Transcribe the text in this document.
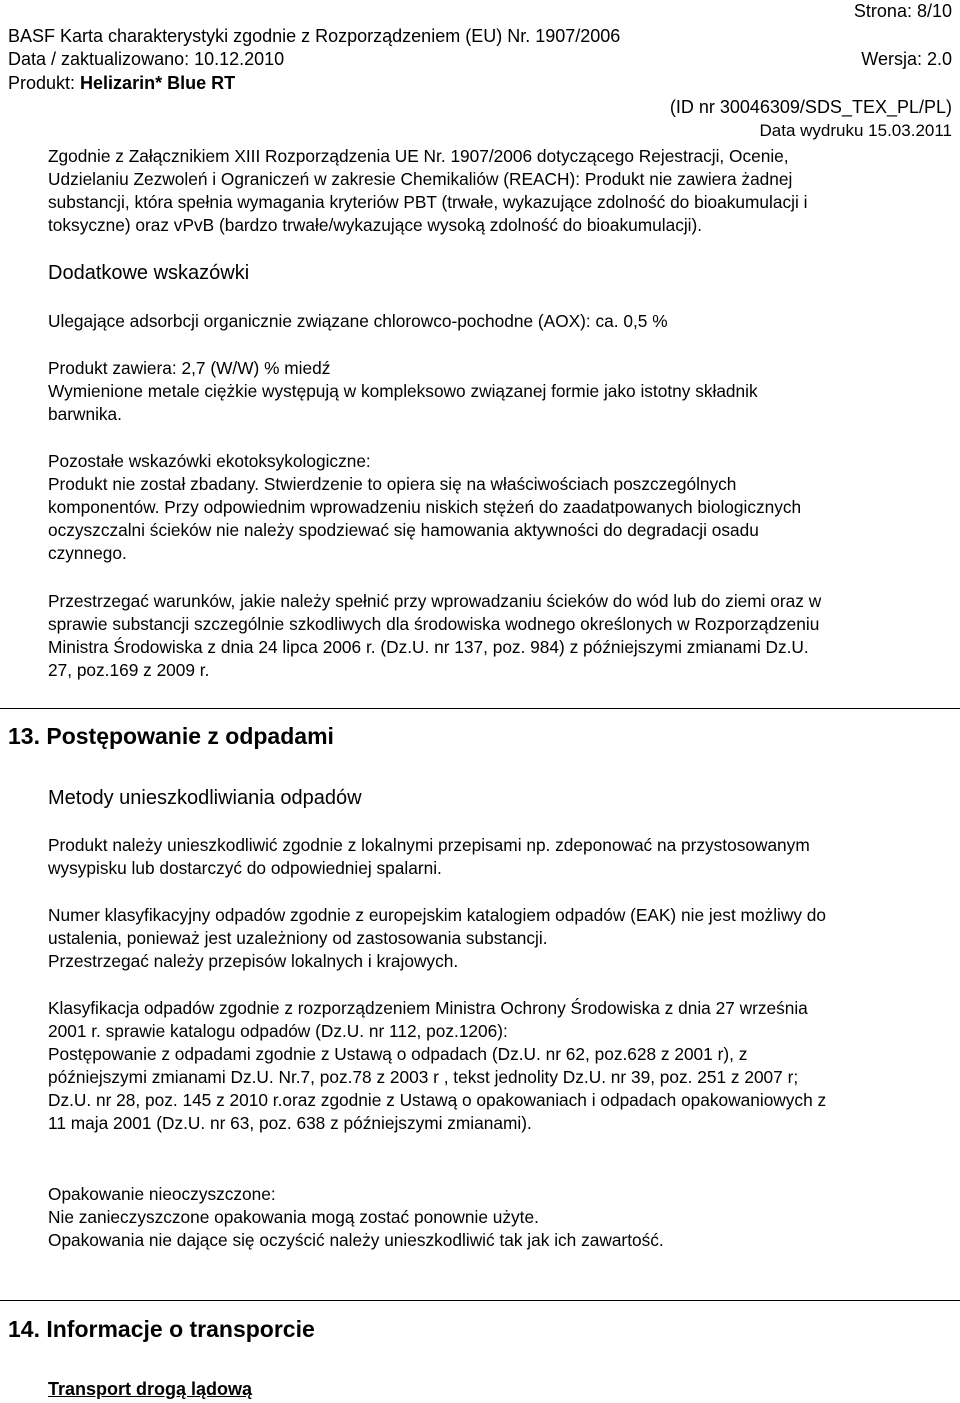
Strona: 8/10
BASF Karta charakterystyki zgodnie z Rozporządzeniem (EU) Nr. 1907/2006
Data / zaktualizowano: 10.12.2010	Wersja: 2.0
Produkt: Helizarin* Blue RT
(ID nr 30046309/SDS_TEX_PL/PL)
Data wydruku 15.03.2011

Zgodnie z Załącznikiem XIII Rozporządzenia UE Nr. 1907/2006 dotyczącego Rejestracji, Ocenie,

Udzielaniu Zezwoleń i Ograniczeń w zakresie Chemikaliów (REACH): Produkt nie zawiera żadnej

substancji, która spełnia wymagania kryteriów PBT (trwałe, wykazujące zdolność do bioakumulacji i

toksyczne) oraz vPvB (bardzo trwałe/wykazujące wysoką zdolność do bioakumulacji).

Dodatkowe wskazówki

Ulegające adsorbcji organicznie związane chlorowco-pochodne (AOX): ca. 0,5 %

Produkt zawiera: 2,7 (W/W) % miedź

Wymienione metale ciężkie występują w kompleksowo związanej formie jako istotny składnik

barwnika.

Pozostałe wskazówki ekotoksykologiczne:

Produkt nie został zbadany. Stwierdzenie to opiera się na właściwościach poszczególnych

komponentów. Przy odpowiednim wprowadzeniu niskich stężeń do zaadatpowanych biologicznych

oczyszczalni ścieków nie należy spodziewać się hamowania aktywności do degradacji osadu

czynnego.

Przestrzegać warunków, jakie należy spełnić przy wprowadzaniu ścieków do wód lub do ziemi oraz w

sprawie substancji szczególnie szkodliwych dla środowiska wodnego określonych w Rozporządzeniu

Ministra Środowiska z dnia 24 lipca 2006 r. (Dz.U. nr 137, poz. 984) z późniejszymi zmianami Dz.U.

27, poz.169 z 2009 r.

13. Postępowanie z odpadami
Metody unieszkodliwiania odpadów

Produkt należy unieszkodliwić zgodnie z lokalnymi przepisami np. zdeponować na przystosowanym

wysypisku lub dostarczyć do odpowiedniej spalarni.

Numer klasyfikacyjny odpadów zgodnie z europejskim katalogiem odpadów (EAK) nie jest możliwy do

ustalenia, ponieważ jest uzależniony od zastosowania substancji.

Przestrzegać należy przepisów lokalnych i krajowych.

Klasyfikacja odpadów zgodnie z rozporządzeniem Ministra Ochrony Środowiska z dnia 27 września

2001 r. sprawie katalogu odpadów (Dz.U. nr 112, poz.1206):

Postępowanie z odpadami zgodnie z Ustawą o odpadach (Dz.U. nr 62, poz.628 z 2001 r), z

późniejszymi zmianami Dz.U. Nr.7, poz.78 z 2003 r , tekst jednolity Dz.U. nr 39, poz. 251 z 2007 r;

Dz.U. nr 28, poz. 145 z 2010 r.oraz zgodnie z Ustawą o opakowaniach i odpadach opakowaniowych z

11 maja 2001 (Dz.U. nr 63, poz. 638 z późniejszymi zmianami).

Opakowanie nieoczyszczone:

Nie zanieczyszczone opakowania mogą zostać ponownie użyte.

Opakowania nie dające się oczyścić należy unieszkodliwić tak jak ich zawartość.

14. Informacje o transporcie
Transport drogą lądową
